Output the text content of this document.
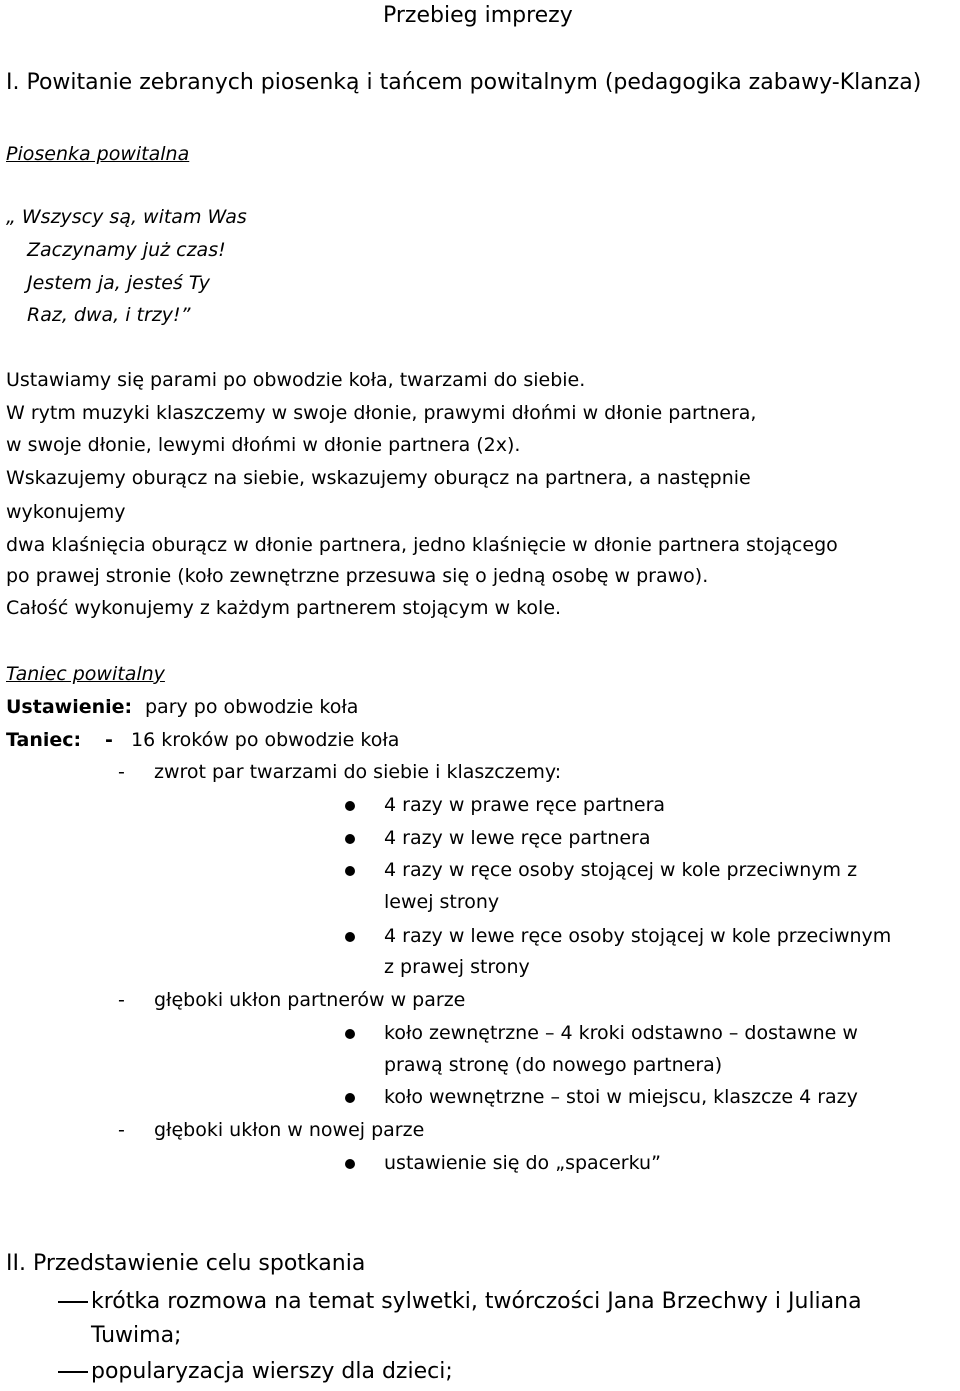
Przebieg imprezy
I. Powitanie zebranych piosenką i tańcem powitalnym (pedagogika zabawy-Klanza)
Piosenka powitalna
„ Wszyscy są, witam Was
Zaczynamy już czas!
Jestem ja, jesteś Ty
Raz, dwa, i trzy!”
Ustawiamy się parami po obwodzie koła, twarzami do siebie.
W rytm muzyki klaszczemy w swoje dłonie, prawymi dłońmi w dłonie partnera,
w swoje dłonie, lewymi dłońmi w dłonie partnera (2x).
Wskazujemy oburącz na siebie, wskazujemy oburącz na partnera, a następnie
wykonujemy
dwa klaśnięcia oburącz w dłonie partnera, jedno klaśnięcie w dłonie partnera stojącego
po prawej stronie (koło zewnętrzne przesuwa się o jedną osobę w prawo).
Całość wykonujemy z każdym partnerem stojącym w kole.
Taniec powitalny
Ustawienie: pary po obwodzie koła
Taniec: - 16 kroków po obwodzie koła
- zwrot par twarzami do siebie i klaszczemy:
4 razy w prawe ręce partnera
4 razy w lewe ręce partnera
4 razy w ręce osoby stojącej w kole przeciwnym z
lewej strony
4 razy w lewe ręce osoby stojącej w kole przeciwnym
z prawej strony
- głęboki ukłon partnerów w parze
koło zewnętrzne – 4 kroki odstawno – dostawne w
prawą stronę (do nowego partnera)
koło wewnętrzne – stoi w miejscu, klaszcze 4 razy
- głęboki ukłon w nowej parze
ustawienie się do „spacerku”
II. Przedstawienie celu spotkania
krótka rozmowa na temat sylwetki, twórczości Jana Brzechwy i Juliana
Tuwima;
popularyzacja wierszy dla dzieci;
